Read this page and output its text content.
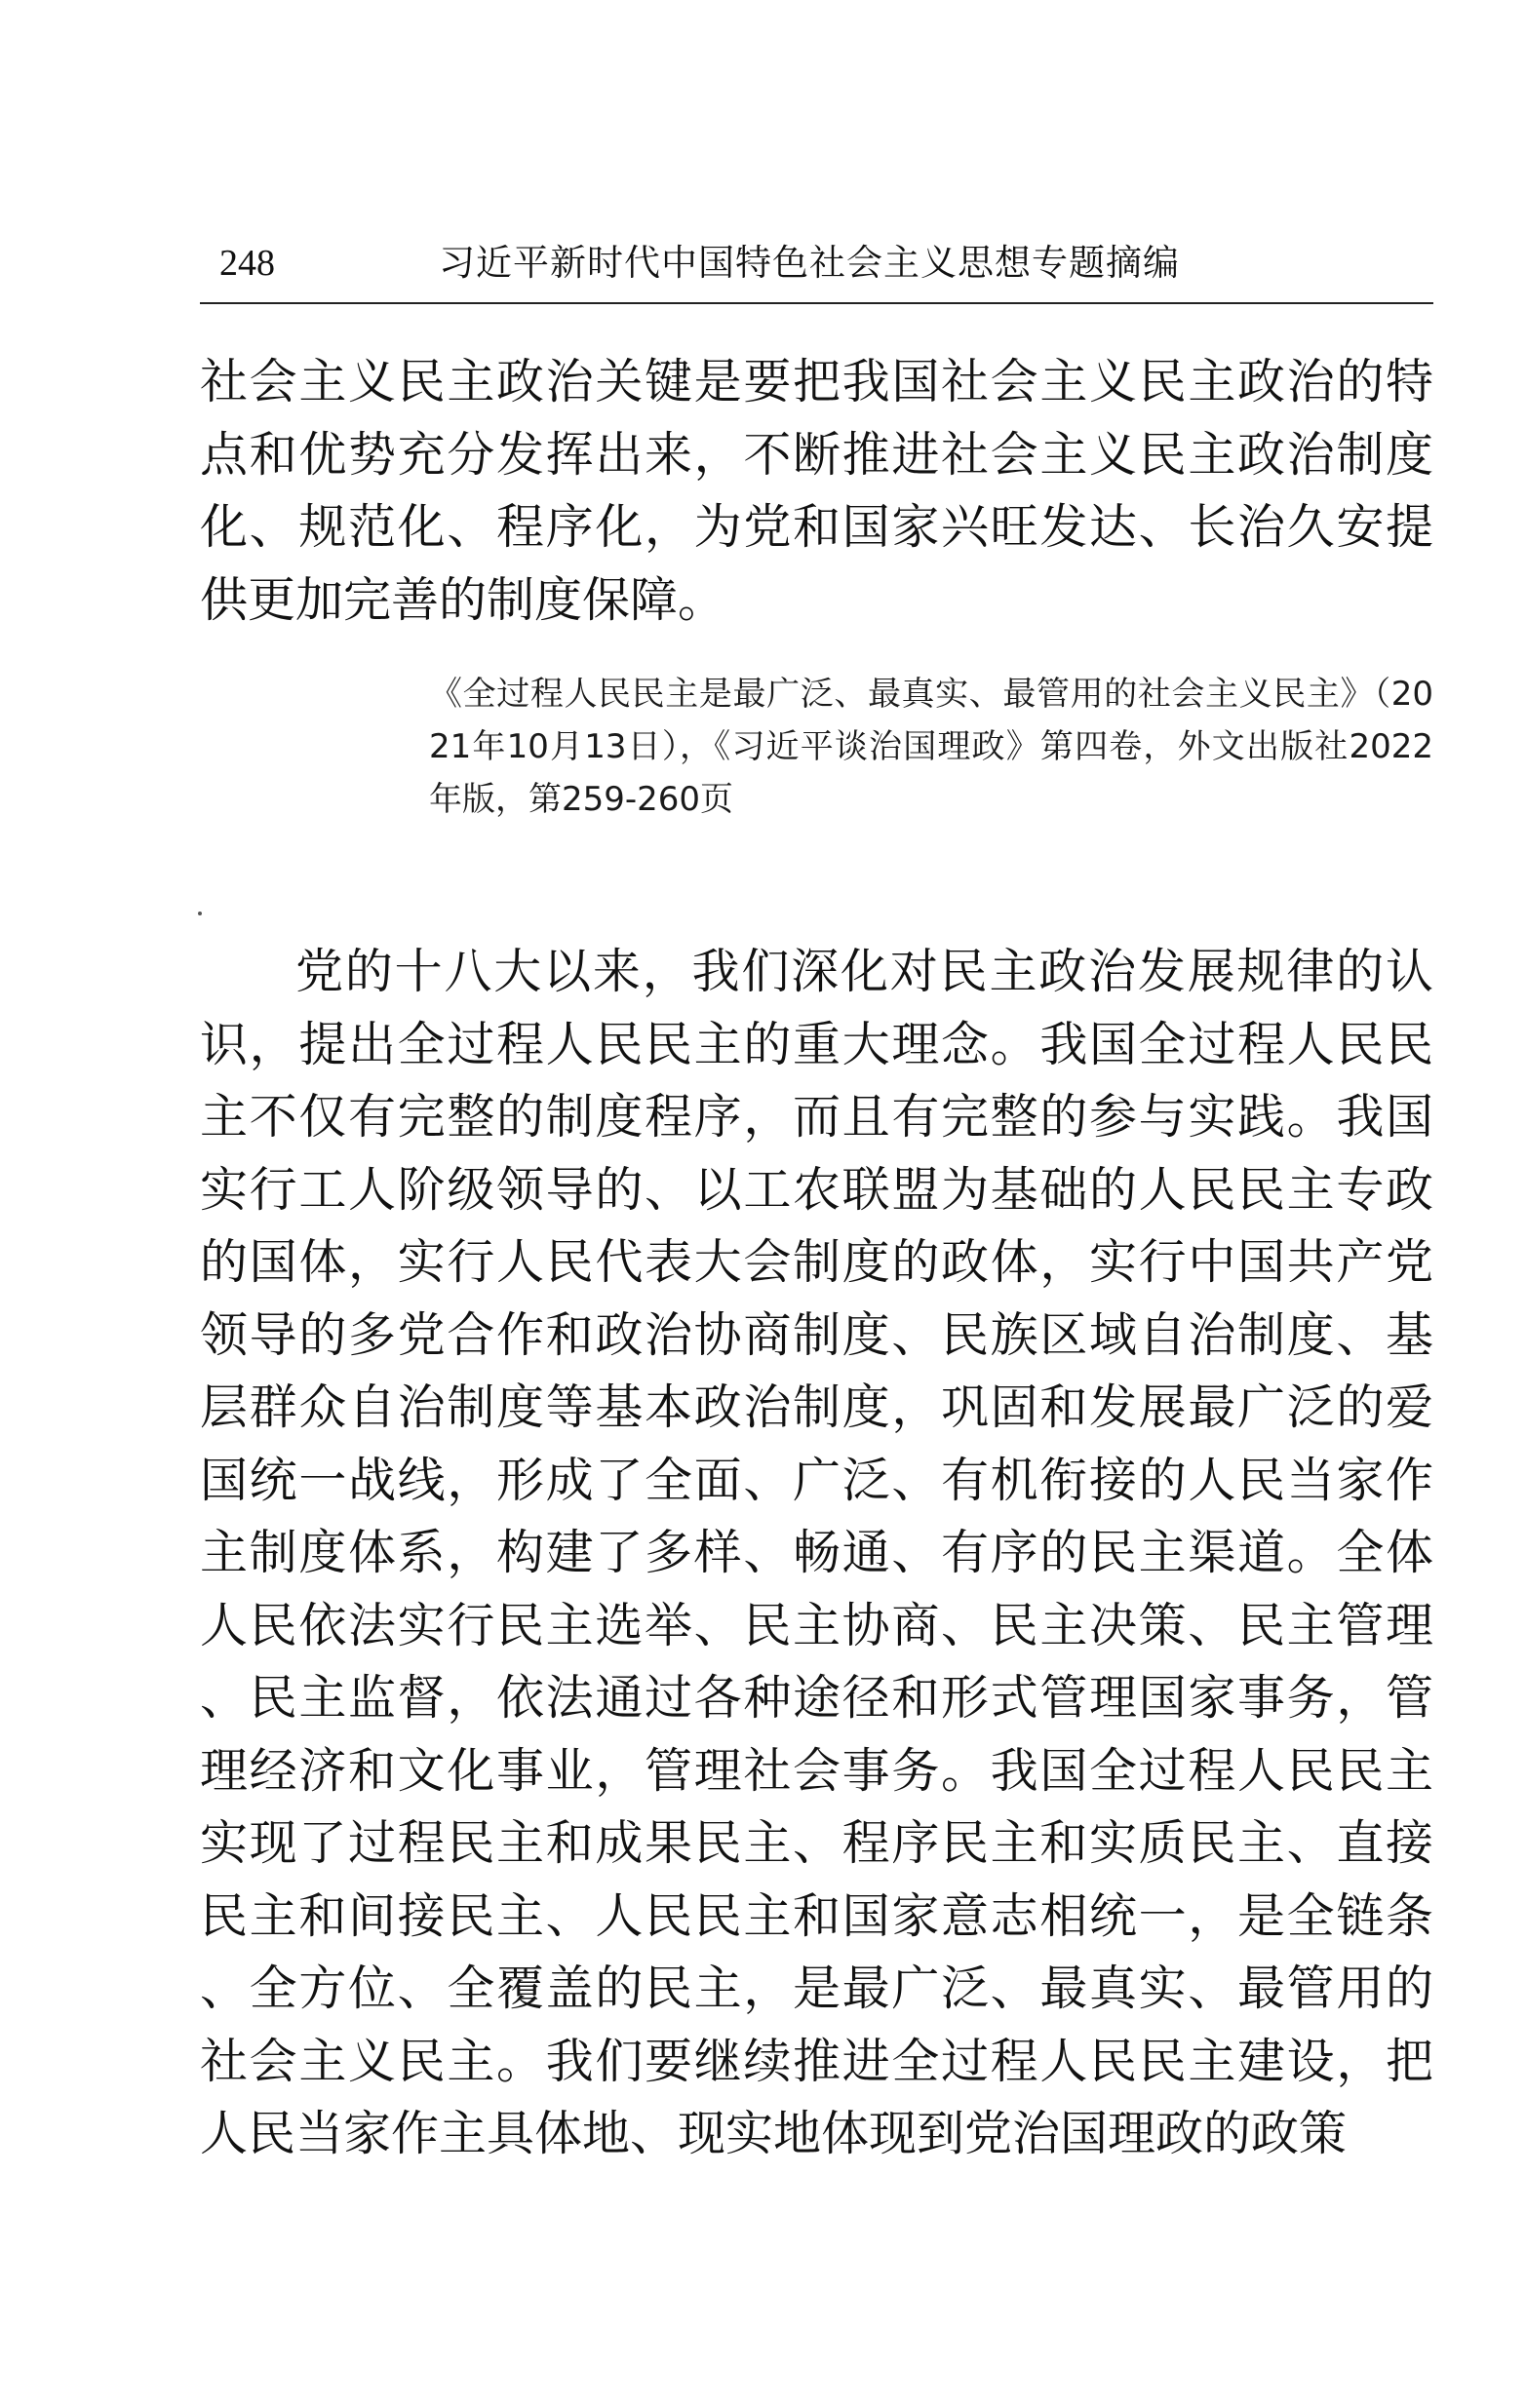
248	习近平新时代中国特色社会主义思想专题摘编

社会主义民主政治关键是要把我国社会主义民主政治的特点和优势充分发挥出来，不断推进社会主义民主政治制度化、规范化、程序化，为党和国家兴旺发达、长治久安提供更加完善的制度保障。

《全过程人民民主是最广泛、最真实、最管用的社会主义民主》（2021年10月13日），《习近平谈治国理政》第四卷，外文出版社2022年版，第259-260页

党的十八大以来，我们深化对民主政治发展规律的认识，提出全过程人民民主的重大理念。我国全过程人民民主不仅有完整的制度程序，而且有完整的参与实践。我国实行工人阶级领导的、以工农联盟为基础的人民民主专政的国体，实行人民代表大会制度的政体，实行中国共产党领导的多党合作和政治协商制度、民族区域自治制度、基层群众自治制度等基本政治制度，巩固和发展最广泛的爱国统一战线，形成了全面、广泛、有机衔接的人民当家作主制度体系，构建了多样、畅通、有序的民主渠道。全体人民依法实行民主选举、民主协商、民主决策、民主管理、民主监督，依法通过各种途径和形式管理国家事务，管理经济和文化事业，管理社会事务。我国全过程人民民主实现了过程民主和成果民主、程序民主和实质民主、直接民主和间接民主、人民民主和国家意志相统一，是全链条、全方位、全覆盖的民主，是最广泛、最真实、最管用的社会主义民主。我们要继续推进全过程人民民主建设，把人民当家作主具体地、现实地体现到党治国理政的政策
